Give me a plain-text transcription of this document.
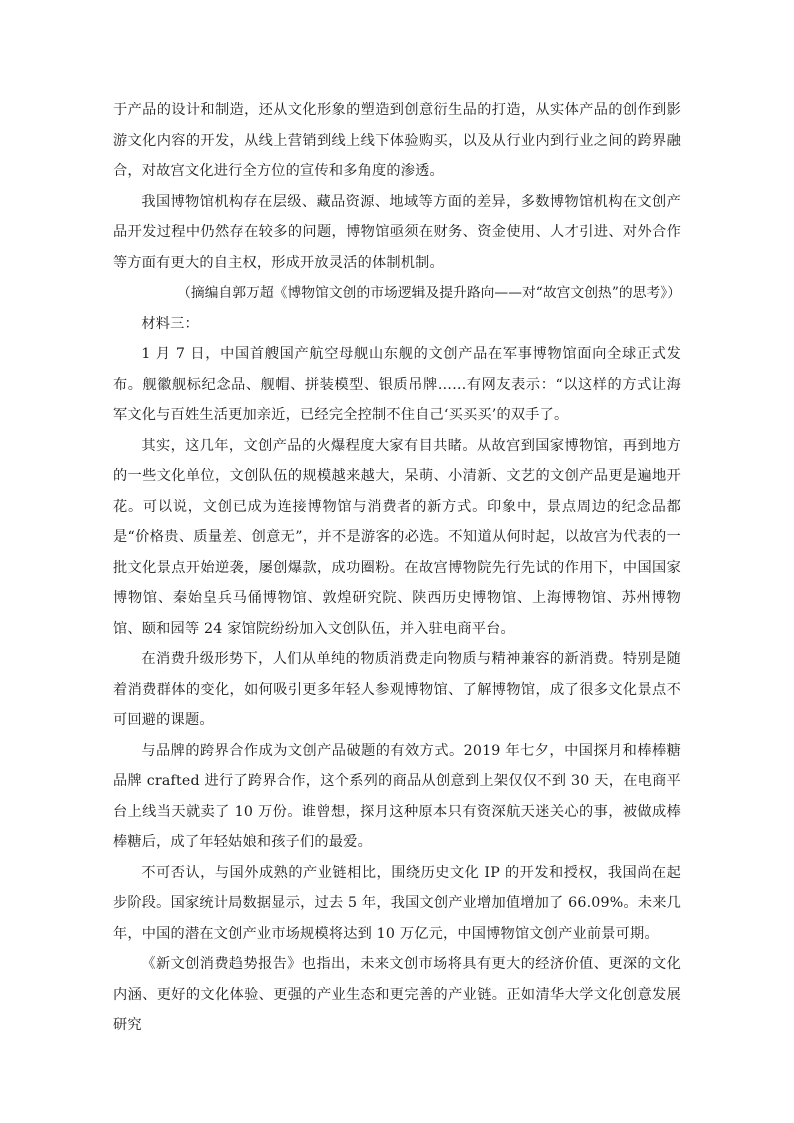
于产品的设计和制造，还从文化形象的塑造到创意衍生品的打造，从实体产品的创作到影游文化内容的开发，从线上营销到线上线下体验购买，以及从行业内到行业之间的跨界融合，对故宫文化进行全方位的宣传和多角度的渗透。

我国博物馆机构存在层级、藏品资源、地域等方面的差异，多数博物馆机构在文创产品开发过程中仍然存在较多的问题，博物馆亟须在财务、资金使用、人才引进、对外合作等方面有更大的自主权，形成开放灵活的体制机制。

（摘编自郭万超《博物馆文创的市场逻辑及提升路向——对“故宫文创热”的思考》）

材料三：

1 月 7 日，中国首艘国产航空母舰山东舰的文创产品在军事博物馆面向全球正式发布。舰徽舰标纪念品、舰帽、拼装模型、银质吊牌……有网友表示：“以这样的方式让海军文化与百姓生活更加亲近，已经完全控制不住自己‘买买买’的双手了。

其实，这几年，文创产品的火爆程度大家有目共睹。从故宫到国家博物馆，再到地方的一些文化单位，文创队伍的规模越来越大，呆萌、小清新、文艺的文创产品更是遍地开花。可以说，文创已成为连接博物馆与消费者的新方式。印象中，景点周边的纪念品都是“价格贵、质量差、创意无”，并不是游客的必选。不知道从何时起，以故宫为代表的一批文化景点开始逆袭，屡创爆款，成功圈粉。在故宫博物院先行先试的作用下，中国国家博物馆、秦始皇兵马俑博物馆、敦煌研究院、陕西历史博物馆、上海博物馆、苏州博物馆、颐和园等 24 家馆院纷纷加入文创队伍，并入驻电商平台。

在消费升级形势下，人们从单纯的物质消费走向物质与精神兼容的新消费。特别是随着消费群体的变化，如何吸引更多年轻人参观博物馆、了解博物馆，成了很多文化景点不可回避的课题。

与品牌的跨界合作成为文创产品破题的有效方式。2019 年七夕，中国探月和棒棒糖品牌 crafted 进行了跨界合作，这个系列的商品从创意到上架仅仅不到 30 天，在电商平台上线当天就卖了 10 万份。谁曾想，探月这种原本只有资深航天迷关心的事，被做成棒棒糖后，成了年轻姑娘和孩子们的最爱。

不可否认，与国外成熟的产业链相比，围绕历史文化 IP 的开发和授权，我国尚在起步阶段。国家统计局数据显示，过去 5 年，我国文创产业增加值增加了 66.09%。未来几年，中国的潜在文创产业市场规模将达到 10 万亿元，中国博物馆文创产业前景可期。

《新文创消费趋势报告》也指出，未来文创市场将具有更大的经济价值、更深的文化内涵、更好的文化体验、更强的产业生态和更完善的产业链。正如清华大学文化创意发展研究
